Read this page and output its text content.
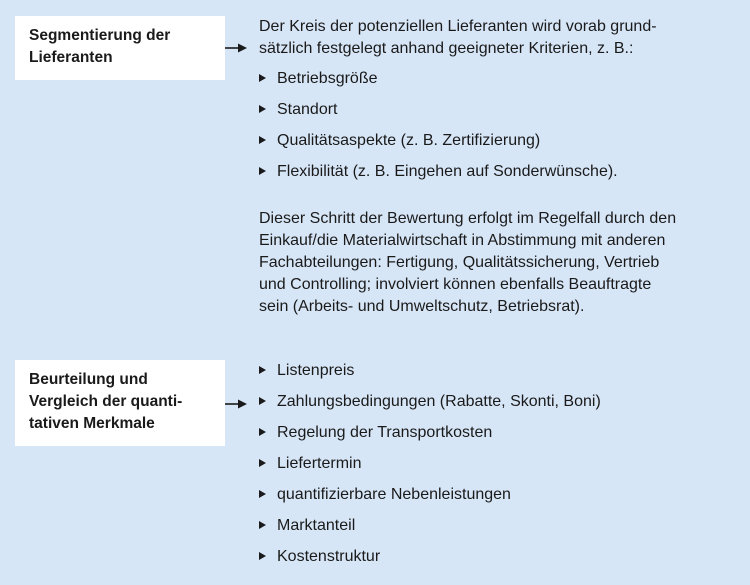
Segmentierung der
Lieferanten
Der Kreis der potenziellen Lieferanten wird vorab grund-
sätzlich festgelegt anhand geeigneter Kriterien, z. B.:
Betriebsgröße
Standort
Qualitätsaspekte (z. B. Zertifizierung)
Flexibilität (z. B. Eingehen auf Sonderwünsche).
Dieser Schritt der Bewertung erfolgt im Regelfall durch den
Einkauf/die Materialwirtschaft in Abstimmung mit anderen
Fachabteilungen: Fertigung, Qualitätssicherung, Vertrieb
und Controlling; involviert können ebenfalls Beauftragte
sein (Arbeits- und Umweltschutz, Betriebsrat).
Beurteilung und
Vergleich der quanti-
tativen Merkmale
Listenpreis
Zahlungsbedingungen (Rabatte, Skonti, Boni)
Regelung der Transportkosten
Liefertermin
quantifizierbare Nebenleistungen
Marktanteil
Kostenstruktur
